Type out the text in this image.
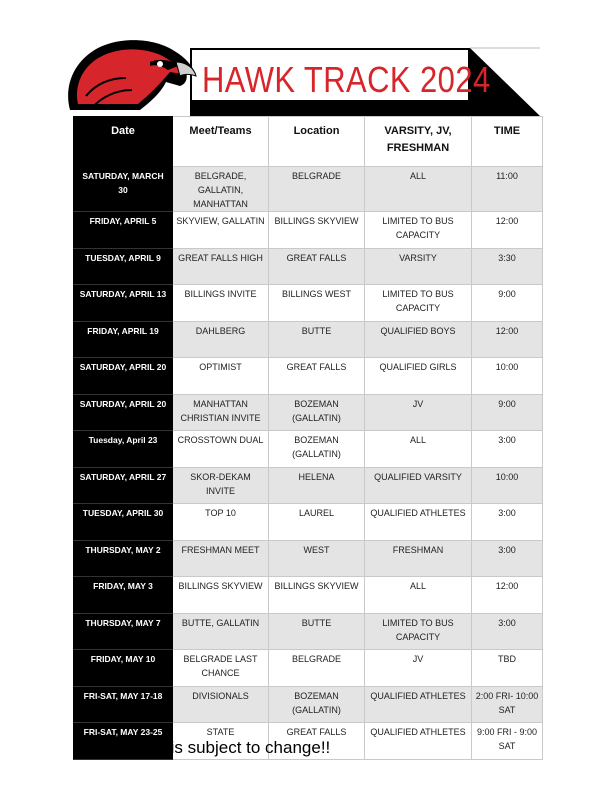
HAWK TRACK 2024
Date	Meet/Teams	Location	VARSITY, JV, FRESHMAN	TIME
SATURDAY, MARCH 30	BELGRADE, GALLATIN, MANHATTAN	BELGRADE	ALL	11:00
FRIDAY, APRIL 5	SKYVIEW, GALLATIN	BILLINGS SKYVIEW	LIMITED TO BUS CAPACITY	12:00
TUESDAY, APRIL 9	GREAT FALLS HIGH	GREAT FALLS	VARSITY	3:30
SATURDAY, APRIL 13	BILLINGS INVITE	BILLINGS WEST	LIMITED TO BUS CAPACITY	9:00
FRIDAY, APRIL 19	DAHLBERG	BUTTE	QUALIFIED BOYS	12:00
SATURDAY, APRIL 20	OPTIMIST	GREAT FALLS	QUALIFIED GIRLS	10:00
SATURDAY, APRIL 20	MANHATTAN CHRISTIAN INVITE	BOZEMAN (GALLATIN)	JV	9:00
Tuesday, April 23	CROSSTOWN DUAL	BOZEMAN (GALLATIN)	ALL	3:00
SATURDAY, APRIL 27	SKOR-DEKAM INVITE	HELENA	QUALIFIED VARSITY	10:00
TUESDAY, APRIL 30	TOP 10	LAUREL	QUALIFIED ATHLETES	3:00
THURSDAY, MAY 2	FRESHMAN MEET	WEST	FRESHMAN	3:00
FRIDAY, MAY 3	BILLINGS SKYVIEW	BILLINGS SKYVIEW	ALL	12:00
THURSDAY, MAY 7	BUTTE, GALLATIN	BUTTE	LIMITED TO BUS CAPACITY	3:00
FRIDAY, MAY 10	BELGRADE LAST CHANCE	BELGRADE	JV	TBD
FRI-SAT, MAY 17-18	DIVISIONALS	BOZEMAN (GALLATIN)	QUALIFIED ATHLETES	2:00 FRI- 10:00 SAT
FRI-SAT, MAY 23-25	STATE	GREAT FALLS	QUALIFIED ATHLETES	9:00 FRI - 9:00 SAT
** Schedule is subject to change!!
